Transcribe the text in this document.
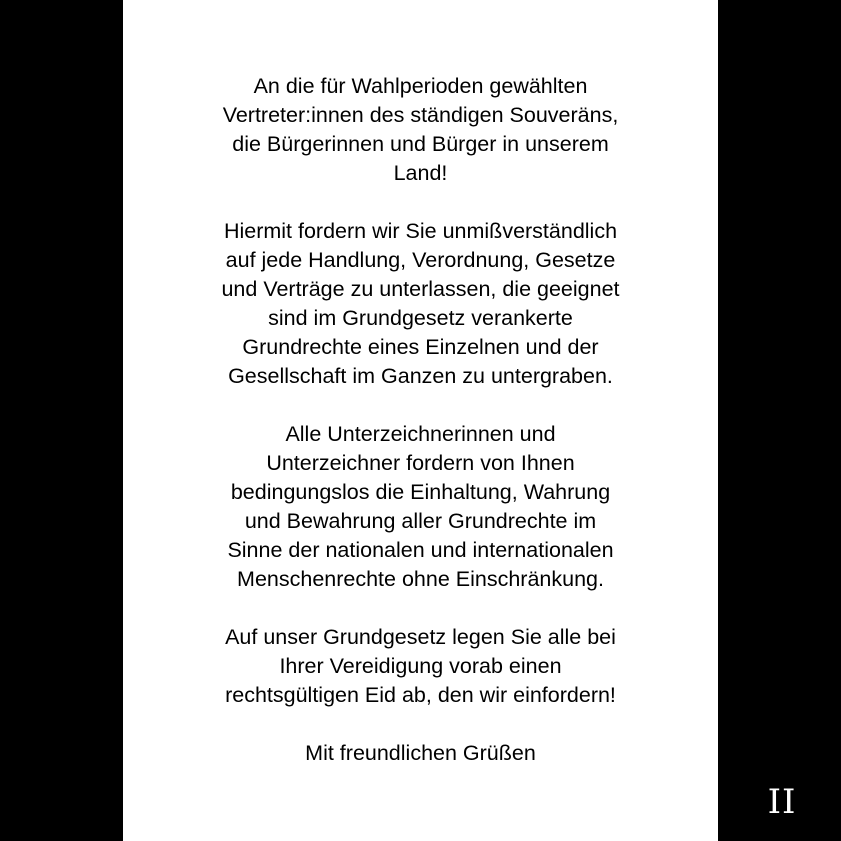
An die für Wahlperioden gewählten
Vertreter:innen des ständigen Souveräns,
die Bürgerinnen und Bürger in unserem
Land!

Hiermit fordern wir Sie unmißverständlich
auf jede Handlung, Verordnung, Gesetze
und Verträge zu unterlassen, die geeignet
sind im Grundgesetz verankerte
Grundrechte eines Einzelnen und der
Gesellschaft im Ganzen zu untergraben.

Alle Unterzeichnerinnen und
Unterzeichner fordern von Ihnen
bedingungslos die Einhaltung, Wahrung
und Bewahrung aller Grundrechte im
Sinne der nationalen und internationalen
Menschenrechte ohne Einschränkung.

Auf unser Grundgesetz legen Sie alle bei
Ihrer Vereidigung vorab einen
rechtsgültigen Eid ab, den wir einfordern!

Mit freundlichen Grüßen

II
